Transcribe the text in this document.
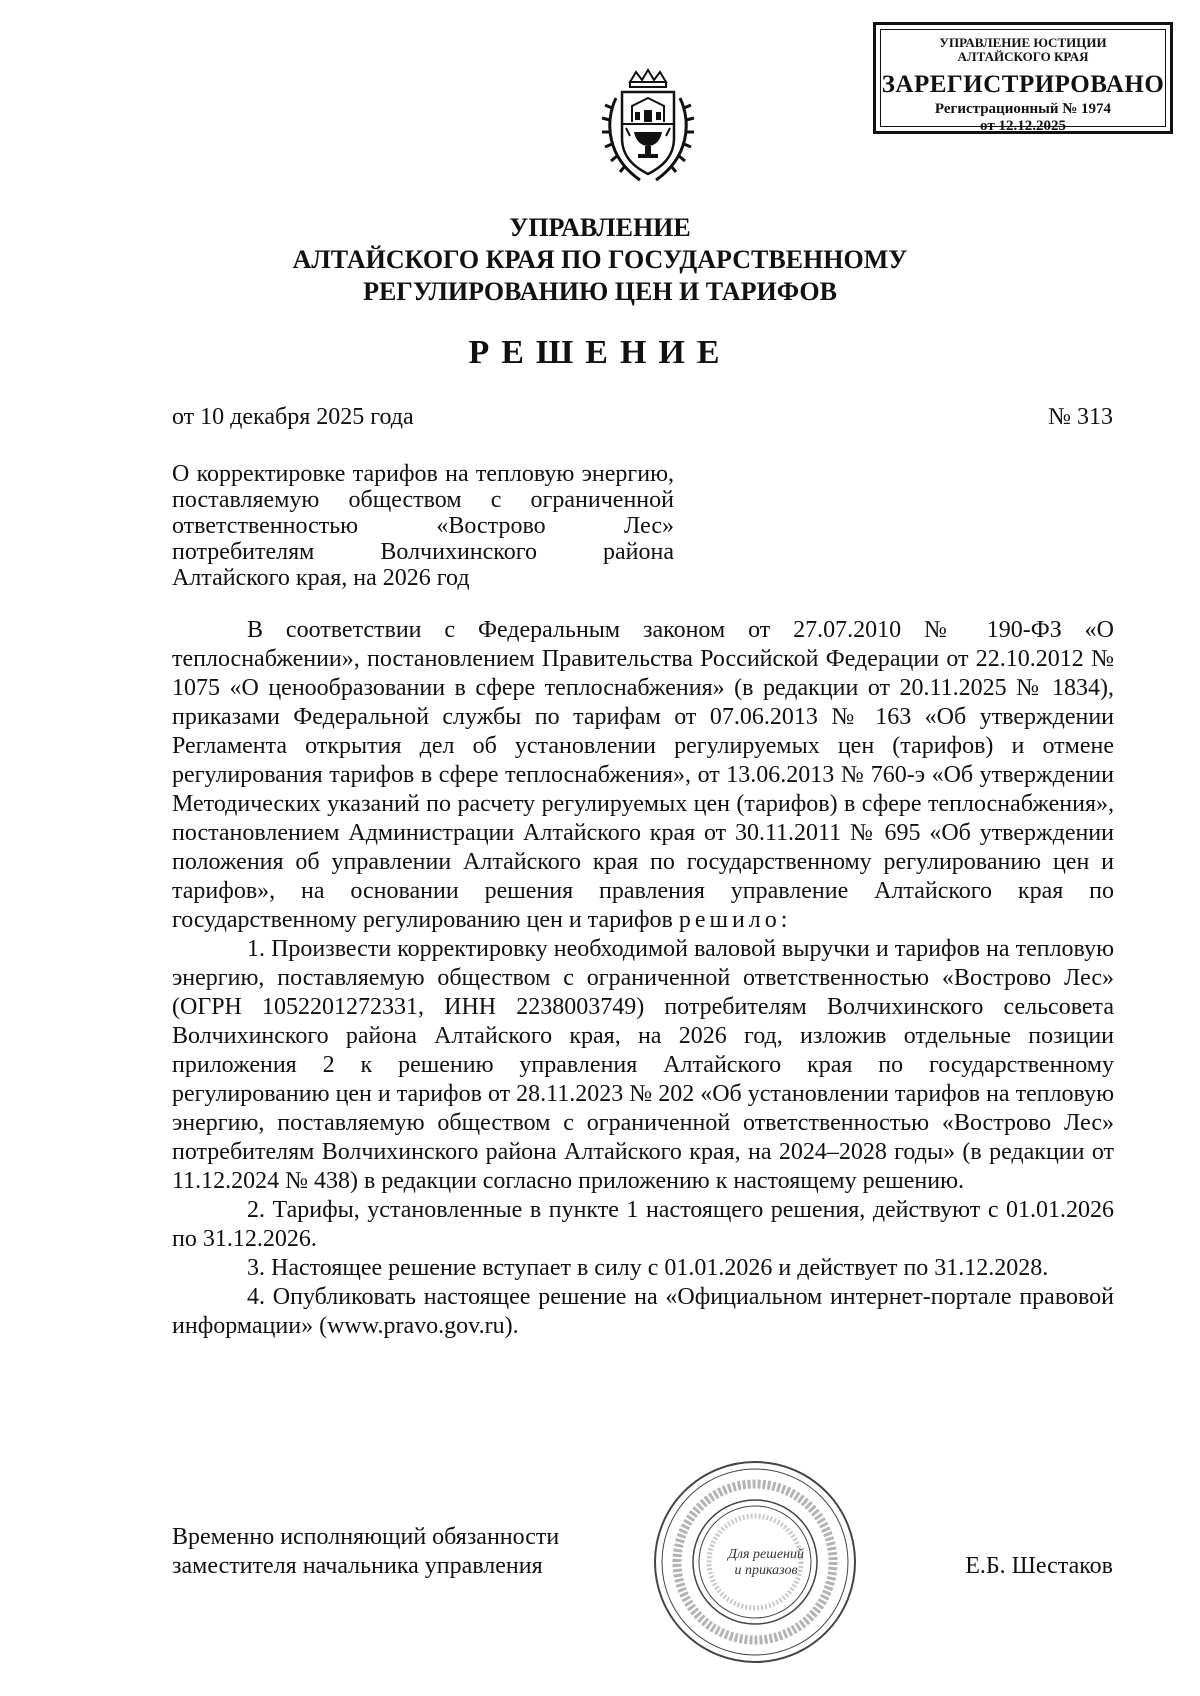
УПРАВЛЕНИЕ ЮСТИЦИИ
АЛТАЙСКОГО КРАЯ
ЗАРЕГИСТРИРОВАНО
Регистрационный № 1974
от 12.12.2025
УПРАВЛЕНИЕ
АЛТАЙСКОГО КРАЯ ПО ГОСУДАРСТВЕННОМУ
РЕГУЛИРОВАНИЮ ЦЕН И ТАРИФОВ
РЕШЕНИЕ
от 10 декабря 2025 года	№ 313
О корректировке тарифов на тепловую энергию, поставляемую обществом с ограниченной ответственностью «Вострово Лес» потребителям Волчихинского района Алтайского края, на 2026 год

В соответствии с Федеральным законом от 27.07.2010 № 190-ФЗ «О теплоснабжении», постановлением Правительства Российской Федерации от 22.10.2012 № 1075 «О ценообразовании в сфере теплоснабжения» (в редакции от 20.11.2025 № 1834), приказами Федеральной службы по тарифам от 07.06.2013 № 163 «Об утверждении Регламента открытия дел об установлении регулируемых цен (тарифов) и отмене регулирования тарифов в сфере теплоснабжения», от 13.06.2013 № 760-э «Об утверждении Методических указаний по расчету регулируемых цен (тарифов) в сфере теплоснабжения», постановлением Администрации Алтайского края от 30.11.2011 № 695 «Об утверждении положения об управлении Алтайского края по государственному регулированию цен и тарифов», на основании решения правления управление Алтайского края по государственному регулированию цен и тарифов решило:

1. Произвести корректировку необходимой валовой выручки и тарифов на тепловую энергию, поставляемую обществом с ограниченной ответственностью «Вострово Лес» (ОГРН 1052201272331, ИНН 2238003749) потребителям Волчихинского сельсовета Волчихинского района Алтайского края, на 2026 год, изложив отдельные позиции приложения 2 к решению управления Алтайского края по государственному регулированию цен и тарифов от 28.11.2023 № 202 «Об установлении тарифов на тепловую энергию, поставляемую обществом с ограниченной ответственностью «Вострово Лес» потребителям Волчихинского района Алтайского края, на 2024–2028 годы» (в редакции от 11.12.2024 № 438) в редакции согласно приложению к настоящему решению.

2. Тарифы, установленные в пункте 1 настоящего решения, действуют с 01.01.2026 по 31.12.2026.

3. Настоящее решение вступает в силу с 01.01.2026 и действует по 31.12.2028.

4. Опубликовать настоящее решение на «Официальном интернет-портале правовой информации» (www.pravo.gov.ru).

Для решений
и приказов
Временно исполняющий обязанности
заместителя начальника управления	Е.Б. Шестаков
